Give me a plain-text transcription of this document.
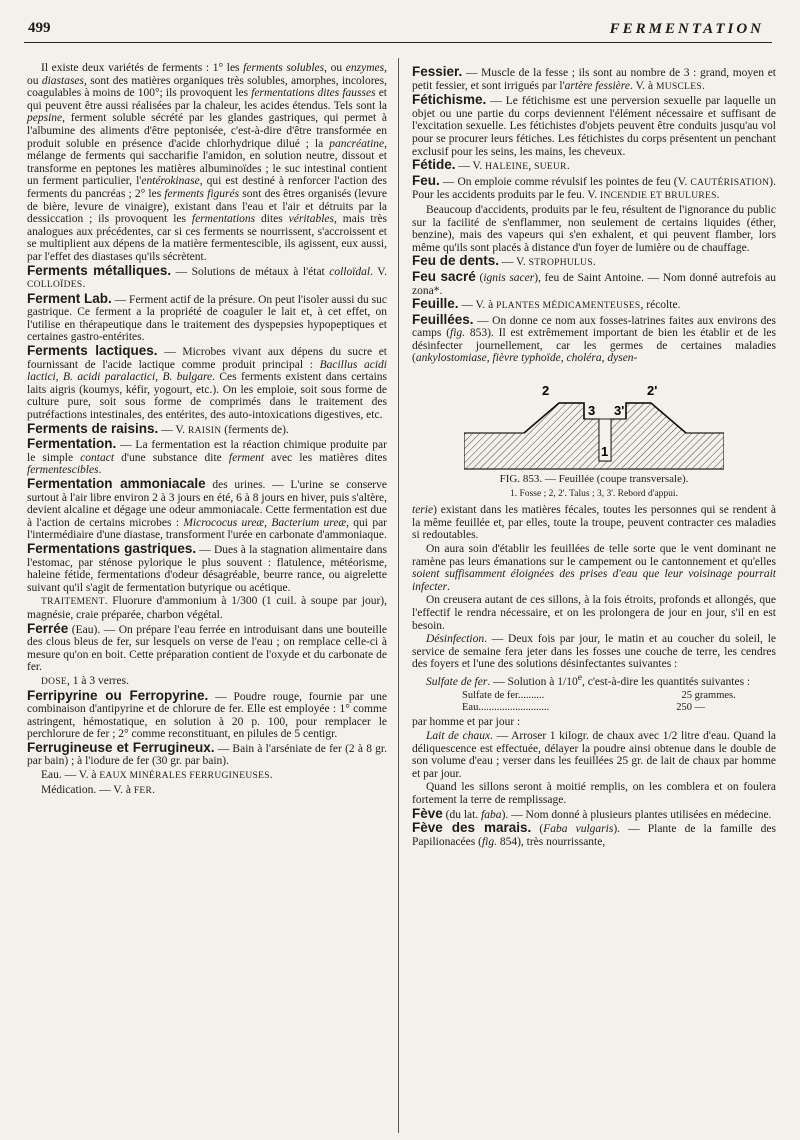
499	FERMENTATION

Il existe deux variétés de ferments : 1° les ferments solubles, ou enzymes, ou diastases, sont des matières organiques très solubles, amorphes, incolores, coagulables à moins de 100°; ils provoquent les fermentations dites fausses et qui peuvent être aussi réalisées par la chaleur, les acides étendus. Tels sont la pepsine, ferment soluble sécrété par les glandes gastriques, qui permet à l'albumine des aliments d'être peptonisée, c'est-à-dire d'être transformée en produit soluble en présence d'acide chlorhydrique dilué ; la pancréatine, mélange de ferments qui saccharifie l'amidon, en solution neutre, dissout et transforme en peptones les matières albuminoïdes ; le suc intestinal contient un ferment particulier, l'entérokinase, qui est destiné à renforcer l'action des ferments du pancréas ; 2° les ferments figurés sont des êtres organisés (levure de bière, levure de vinaigre), existant dans l'eau et l'air et détruits par la dessiccation ; ils provoquent les fermentations dites véritables, mais très analogues aux précédentes, car si ces ferments se nourrissent, s'accroissent et se multiplient aux dépens de la matière fermentescible, ils agissent, eux aussi, par l'effet des diastases qu'ils sécrètent.

Ferments métalliques. — Solutions de métaux à l'état colloïdal. V. COLLOÏDES.

Ferment Lab. — Ferment actif de la présure. On peut l'isoler aussi du suc gastrique. Ce ferment a la propriété de coaguler le lait et, à cet effet, on l'utilise en thérapeutique dans le traitement des dyspepsies hypopeptiques et certaines gastro-entérites.

Ferments lactiques. — Microbes vivant aux dépens du sucre et fournissant de l'acide lactique comme produit principal : Bacillus acidi lactici, B. acidi paralactici, B. bulgare. Ces ferments existent dans certains laits aigris (koumys, kéfir, yogourt, etc.). On les emploie, soit sous forme de culture pure, soit sous forme de comprimés dans le traitement des putréfactions intestinales, des entérites, des auto-intoxications digestives, etc.

Ferments de raisins. — V. RAISIN (ferments de).

Fermentation. — La fermentation est la réaction chimique produite par le simple contact d'une substance dite ferment avec les matières dites fermentescibles.

Fermentation ammoniacale des urines. — L'urine se conserve surtout à l'air libre environ 2 à 3 jours en été, 6 à 8 jours en hiver, puis s'altère, devient alcaline et dégage une odeur ammoniacale. Cette fermentation est due à l'action de certains microbes : Micrococus ureæ, Bacterium ureæ, qui par l'intermédiaire d'une diastase, transforment l'urée en carbonate d'ammoniaque.

Fermentations gastriques. — Dues à la stagnation alimentaire dans l'estomac, par sténose pylorique le plus souvent : flatulence, météorisme, haleine fétide, fermentations d'odeur désagréable, beurre rance, ou aigrelette suivant qu'il s'agit de fermentation butyrique ou acétique.

TRAITEMENT. Fluorure d'ammonium à 1/300 (1 cuil. à soupe par jour), magnésie, craie préparée, charbon végétal.

Ferrée (Eau). — On prépare l'eau ferrée en introduisant dans une bouteille des clous bleus de fer, sur lesquels on verse de l'eau ; on remplace celle-ci à mesure qu'on en boit. Cette préparation contient de l'oxyde et du carbonate de fer.

DOSE, 1 à 3 verres.

Ferripyrine ou Ferropyrine. — Poudre rouge, fournie par une combinaison d'antipyrine et de chlorure de fer. Elle est employée : 1° comme astringent, hémostatique, en solution à 20 p. 100, pour remplacer le perchlorure de fer ; 2° comme reconstituant, en pilules de 5 centigr.

Ferrugineuse et Ferrugineux. — Bain à l'arséniate de fer (2 à 8 gr. par bain) ; à l'iodure de fer (30 gr. par bain).

Eau. — V. à EAUX MINÉRALES FERRUGINEUSES.

Médication. — V. à FER.

Fessier. — Muscle de la fesse ; ils sont au nombre de 3 : grand, moyen et petit fessier, et sont irrigués par l'artère fessière. V. à MUSCLES.

Fétichisme. — Le fétichisme est une perversion sexuelle par laquelle un objet ou une partie du corps deviennent l'élément nécessaire et suffisant de l'excitation sexuelle. Les fétichistes d'objets peuvent être conduits jusqu'au vol pour se procurer leurs fétiches. Les fétichistes du corps présentent un penchant exclusif pour les seins, les mains, les cheveux.

Fétide. — V. HALEINE, SUEUR.

Feu. — On emploie comme révulsif les pointes de feu (V. CAUTÉRISATION). Pour les accidents produits par le feu. V. INCENDIE ET BRULURES.

Beaucoup d'accidents, produits par le feu, résultent de l'ignorance du public sur la facilité de s'enflammer, non seulement de certains liquides (éther, benzine), mais des vapeurs qui s'en exhalent, et qui peuvent flamber, lors même qu'ils sont placés à distance d'un foyer de lumière ou de chauffage.

Feu de dents. — V. STROPHULUS.

Feu sacré (ignis sacer), feu de Saint Antoine. — Nom donné autrefois au zona*.

Feuille. — V. à PLANTES MÉDICAMENTEUSES, récolte.

Feuillées. — On donne ce nom aux fosses-latrines faites aux environs des camps (fig. 853). Il est extrêmement important de bien les établir et de les désinfecter journellement, car les germes de certaines maladies (ankylostomiase, fièvre typhoïde, choléra, dysen-

2
3 3'
2'
1
FIG. 853. — Feuillée (coupe transversale).
1. Fosse ; 2, 2'. Talus ; 3, 3'. Rebord d'appui.

terie) existant dans les matières fécales, toutes les personnes qui se rendent à la même feuillée et, par elles, toute la troupe, peuvent contracter ces maladies si redoutables.

On aura soin d'établir les feuillées de telle sorte que le vent dominant ne ramène pas leurs émanations sur le campement ou le cantonnement et qu'elles soient suffisamment éloignées des prises d'eau que leur voisinage pourrait infecter.

On creusera autant de ces sillons, à la fois étroits, profonds et allongés, que l'effectif le rendra nécessaire, et on les prolongera de jour en jour, s'il en est besoin.

Désinfection. — Deux fois par jour, le matin et au coucher du soleil, le service de semaine fera jeter dans les fosses une couche de terre, les cendres des foyers et l'une des solutions désinfectantes suivantes :

Sulfate de fer. — Solution à 1/10e, c'est-à-dire les quantités suivantes :

Sulfate de fer..........	25 grammes.
Eau...........................	250 —

par homme et par jour :

Lait de chaux. — Arroser 1 kilogr. de chaux avec 1/2 litre d'eau. Quand la déliquescence est effectuée, délayer la poudre ainsi obtenue dans le double de son volume d'eau ; verser dans les feuillées 25 gr. de lait de chaux par homme et par jour.

Quand les sillons seront à moitié remplis, on les comblera et on foulera fortement la terre de remplissage.

Fève (du lat. faba). — Nom donné à plusieurs plantes utilisées en médecine.

Fève des marais. (Faba vulgaris). — Plante de la famille des Papilionacées (fig. 854), très nourrissante,
